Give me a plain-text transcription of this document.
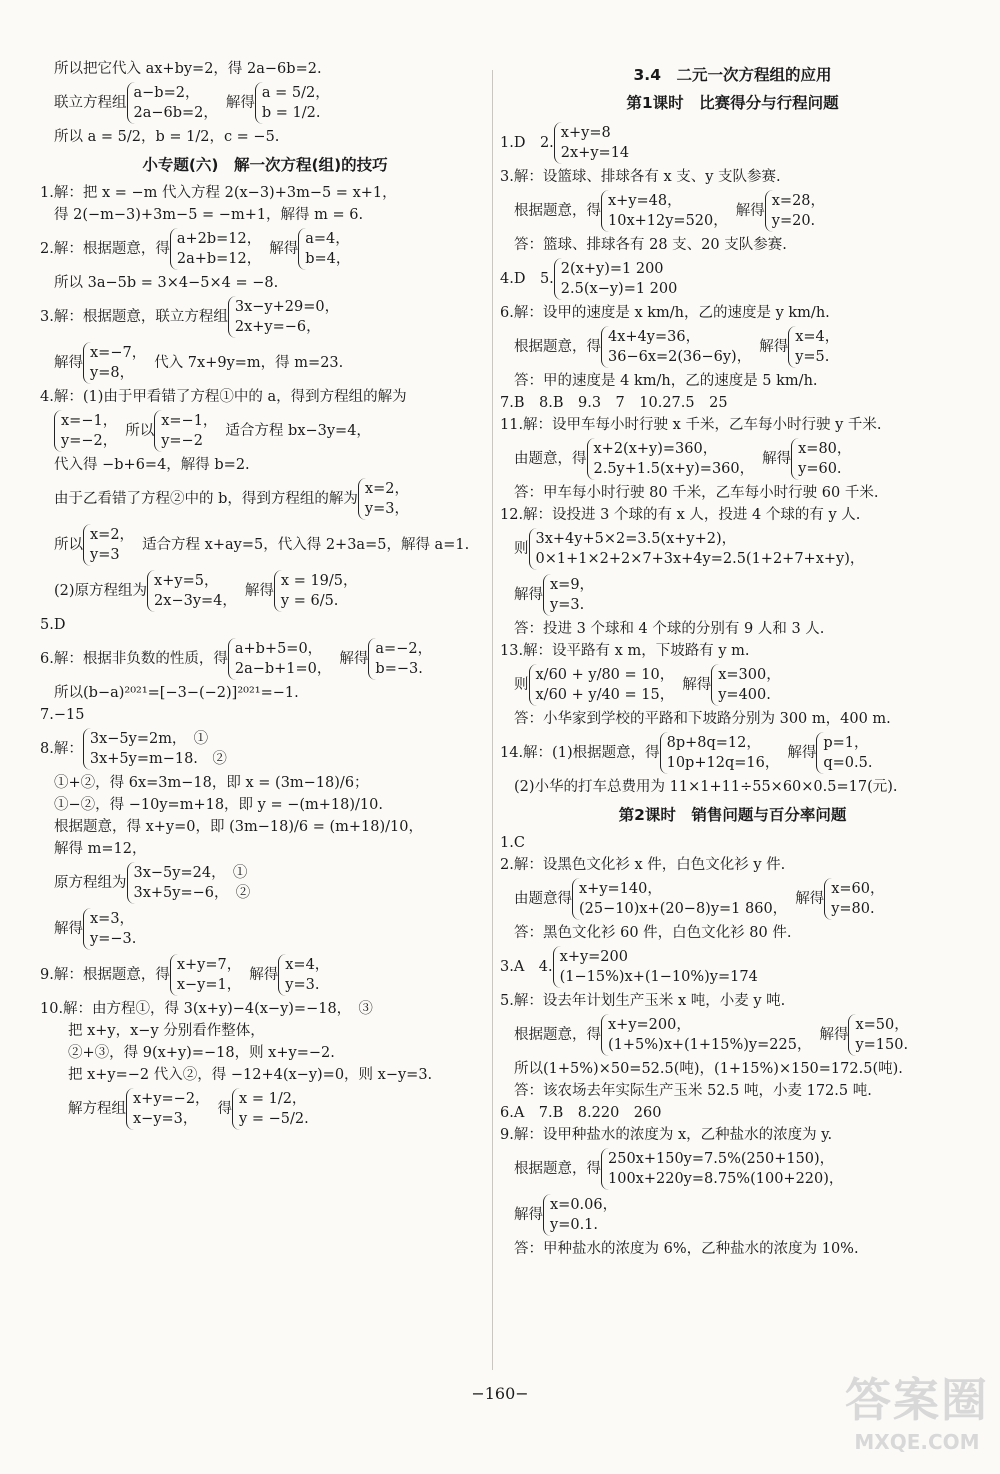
所以把它代入 ax+by=2，得 2a−6b=2.
联立方程组
a−b=2，
2a−6b=2，
解得
a = 5/2，
b = 1/2.
所以 a = 5/2，b = 1/2，c = −5.
小专题(六)　解一次方程(组)的技巧
1.解：把 x = −m 代入方程 2(x−3)+3m−5 = x+1，
得 2(−m−3)+3m−5 = −m+1，解得 m = 6.
2.解：根据题意，得
a+2b=12，
2a+b=12，
解得
a=4，
b=4，
所以 3a−5b = 3×4−5×4 = −8.
3.解：根据题意，联立方程组
3x−y+29=0，
2x+y=−6，
解得
x=−7，
y=8，
代入 7x+9y=m，得 m=23.
4.解：(1)由于甲看错了方程①中的 a，得到方程组的解为
x=−1，
y=−2，
所以
x=−1，
y=−2
适合方程 bx−3y=4，
代入得 −b+6=4，解得 b=2.
由于乙看错了方程②中的 b，得到方程组的解为
x=2，
y=3，
所以
x=2，
y=3
适合方程 x+ay=5，代入得 2+3a=5，解得 a=1.
(2)原方程组为
x+y=5，
2x−3y=4，
解得
x = 19/5，
y = 6/5.
5.D
6.解：根据非负数的性质，得
a+b+5=0，
2a−b+1=0，
解得
a=−2，
b=−3.
所以(b−a)²⁰²¹=[−3−(−2)]²⁰²¹=−1.
7.−15
8.解：
3x−5y=2m，　①
3x+5y=m−18.　②
①+②，得 6x=3m−18，即 x = (3m−18)/6；
①−②，得 −10y=m+18，即 y = −(m+18)/10.
根据题意，得 x+y=0，即 (3m−18)/6 = (m+18)/10，
解得 m=12，
原方程组为
3x−5y=24，　①
3x+5y=−6，　②
解得
x=3，
y=−3.
9.解：根据题意，得
x+y=7，
x−y=1，
解得
x=4，
y=3.
10.解：由方程①，得 3(x+y)−4(x−y)=−18，　③
把 x+y，x−y 分别看作整体，
②+③，得 9(x+y)=−18，则 x+y=−2.
把 x+y=−2 代入②，得 −12+4(x−y)=0，则 x−y=3.
解方程组
x+y=−2，
x−y=3，
得
x = 1/2，
y = −5/2.
3.4　二元一次方程组的应用
第1课时　比赛得分与行程问题
1.D　2.
x+y=8
2x+y=14
3.解：设篮球、排球各有 x 支、y 支队参赛.
根据题意，得
x+y=48，
10x+12y=520，
解得
x=28，
y=20.
答：篮球、排球各有 28 支、20 支队参赛.
4.D　5.
2(x+y)=1 200
2.5(x−y)=1 200
6.解：设甲的速度是 x km/h，乙的速度是 y km/h.
根据题意，得
4x+4y=36，
36−6x=2(36−6y)，
解得
x=4，
y=5.
答：甲的速度是 4 km/h，乙的速度是 5 km/h.
7.B　8.B　9.3　7　10.27.5　25
11.解：设甲车每小时行驶 x 千米，乙车每小时行驶 y 千米.
由题意，得
x+2(x+y)=360，
2.5y+1.5(x+y)=360，
解得
x=80，
y=60.
答：甲车每小时行驶 80 千米，乙车每小时行驶 60 千米.
12.解：设投进 3 个球的有 x 人，投进 4 个球的有 y 人.
则
3x+4y+5×2=3.5(x+y+2)，
0×1+1×2+2×7+3x+4y=2.5(1+2+7+x+y)，
解得
x=9，
y=3.
答：投进 3 个球和 4 个球的分别有 9 人和 3 人.
13.解：设平路有 x m，下坡路有 y m.
则
x/60 + y/80 = 10，
x/60 + y/40 = 15，
解得
x=300，
y=400.
答：小华家到学校的平路和下坡路分别为 300 m，400 m.
14.解：(1)根据题意，得
8p+8q=12，
10p+12q=16，
解得
p=1，
q=0.5.
(2)小华的打车总费用为 11×1+11÷55×60×0.5=17(元).
第2课时　销售问题与百分率问题
1.C
2.解：设黑色文化衫 x 件，白色文化衫 y 件.
由题意得
x+y=140，
(25−10)x+(20−8)y=1 860，
解得
x=60，
y=80.
答：黑色文化衫 60 件，白色文化衫 80 件.
3.A　4.
x+y=200
(1−15%)x+(1−10%)y=174
5.解：设去年计划生产玉米 x 吨，小麦 y 吨.
根据题意，得
x+y=200，
(1+5%)x+(1+15%)y=225，
解得
x=50，
y=150.
所以(1+5%)×50=52.5(吨)，(1+15%)×150=172.5(吨).
答：该农场去年实际生产玉米 52.5 吨，小麦 172.5 吨.
6.A　7.B　8.220　260
9.解：设甲种盐水的浓度为 x，乙种盐水的浓度为 y.
根据题意，得
250x+150y=7.5%(250+150)，
100x+220y=8.75%(100+220)，
解得
x=0.06，
y=0.1.
答：甲种盐水的浓度为 6%，乙种盐水的浓度为 10%.
−160−	答案圈
MXQE.COM
